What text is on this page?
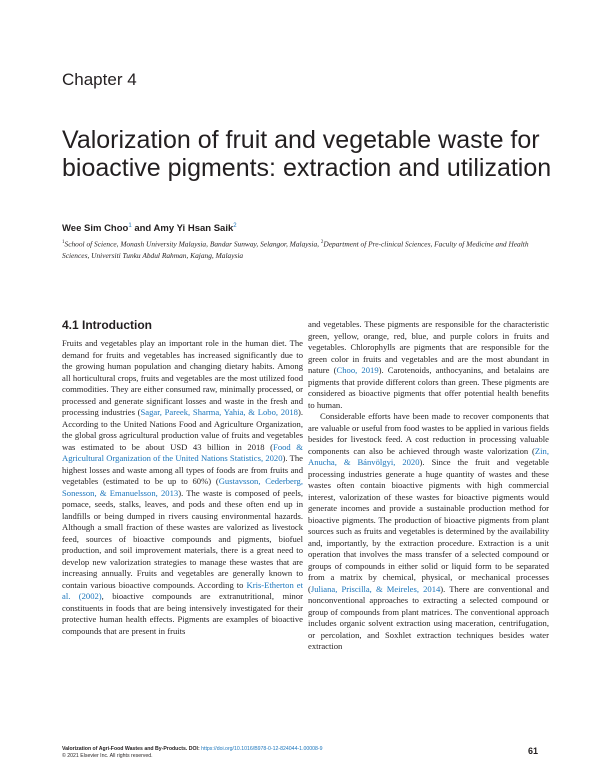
Chapter 4
Valorization of fruit and vegetable waste for bioactive pigments: extraction and utilization
Wee Sim Choo$^1$ and Amy Yi Hsan Saik$^2$
$^1$School of Science, Monash University Malaysia, Bandar Sunway, Selangor, Malaysia, $^2$Department of Pre-clinical Sciences, Faculty of Medicine and Health Sciences, Universiti Tunku Abdul Rahman, Kajang, Malaysia
4.1 Introduction

Fruits and vegetables play an important role in the human diet. The demand for fruits and vegetables has increased significantly due to the growing human population and changing dietary habits. Among all horticultural crops, fruits and vegetables are the most utilized food commodities. They are either consumed raw, minimally processed, or processed and generate significant losses and waste in the fresh and processing industries (Sagar, Pareek, Sharma, Yahia, & Lobo, 2018). According to the United Nations Food and Agriculture Organization, the global gross agricultural production value of fruits and vegetables was estimated to be about USD 43 billion in 2018 (Food & Agricultural Organization of the United Nations Statistics, 2020). The highest losses and waste among all types of foods are from fruits and vegetables (estimated to be up to 60%) (Gustavsson, Cederberg, Sonesson, & Emanuelsson, 2013). The waste is composed of peels, pomace, seeds, stalks, leaves, and pods and these often end up in landfills or being dumped in rivers causing environmental hazards. Although a small fraction of these wastes are valorized as livestock feed, sources of bioactive compounds and pigments, biofuel production, and soil improvement materials, there is a great need to develop new valorization strategies to manage these wastes that are increasing annually. Fruits and vegetables are generally known to contain various bioactive compounds. According to Kris-Etherton et al. (2002), bioactive compounds are extranutritional, minor constituents in foods that are being intensively investigated for their protective human health effects. Pigments are examples of bioactive compounds that are present in fruits

and vegetables. These pigments are responsible for the characteristic green, yellow, orange, red, blue, and purple colors in fruits and vegetables. Chlorophylls are pigments that are responsible for the green color in fruits and vegetables and are the most abundant in nature (Choo, 2019). Carotenoids, anthocyanins, and betalains are pigments that provide different colors than green. These pigments are considered as bioactive pigments that offer potential health benefits to human.

Considerable efforts have been made to recover components that are valuable or useful from food wastes to be applied in various fields besides for livestock feed. A cost reduction in processing valuable components can also be achieved through waste valorization (Zin, Anucha, & Bánvölgyi, 2020). Since the fruit and vegetable processing industries generate a huge quantity of wastes and these wastes often contain bioactive pigments with high commercial interest, valorization of these wastes for bioactive pigments would generate incomes and provide a sustainable production method for bioactive pigments. The production of bioactive pigments from plant sources such as fruits and vegetables is determined by the availability and, importantly, by the extraction procedure. Extraction is a unit operation that involves the mass transfer of a selected compound or groups of compounds in either solid or liquid form to be separated from a matrix by chemical, physical, or mechanical processes (Juliana, Priscilla, & Meireles, 2014). There are conventional and nonconventional approaches to extracting a selected compound or group of compounds from plant matrices. The conventional approach includes organic solvent extraction using maceration, centrifugation, or percolation, and Soxhlet extraction techniques besides water extraction

Valorization of Agri-Food Wastes and By-Products. DOI: https://doi.org/10.1016/B978-0-12-824044-1.00008-9
© 2021 Elsevier Inc. All rights reserved.	61
